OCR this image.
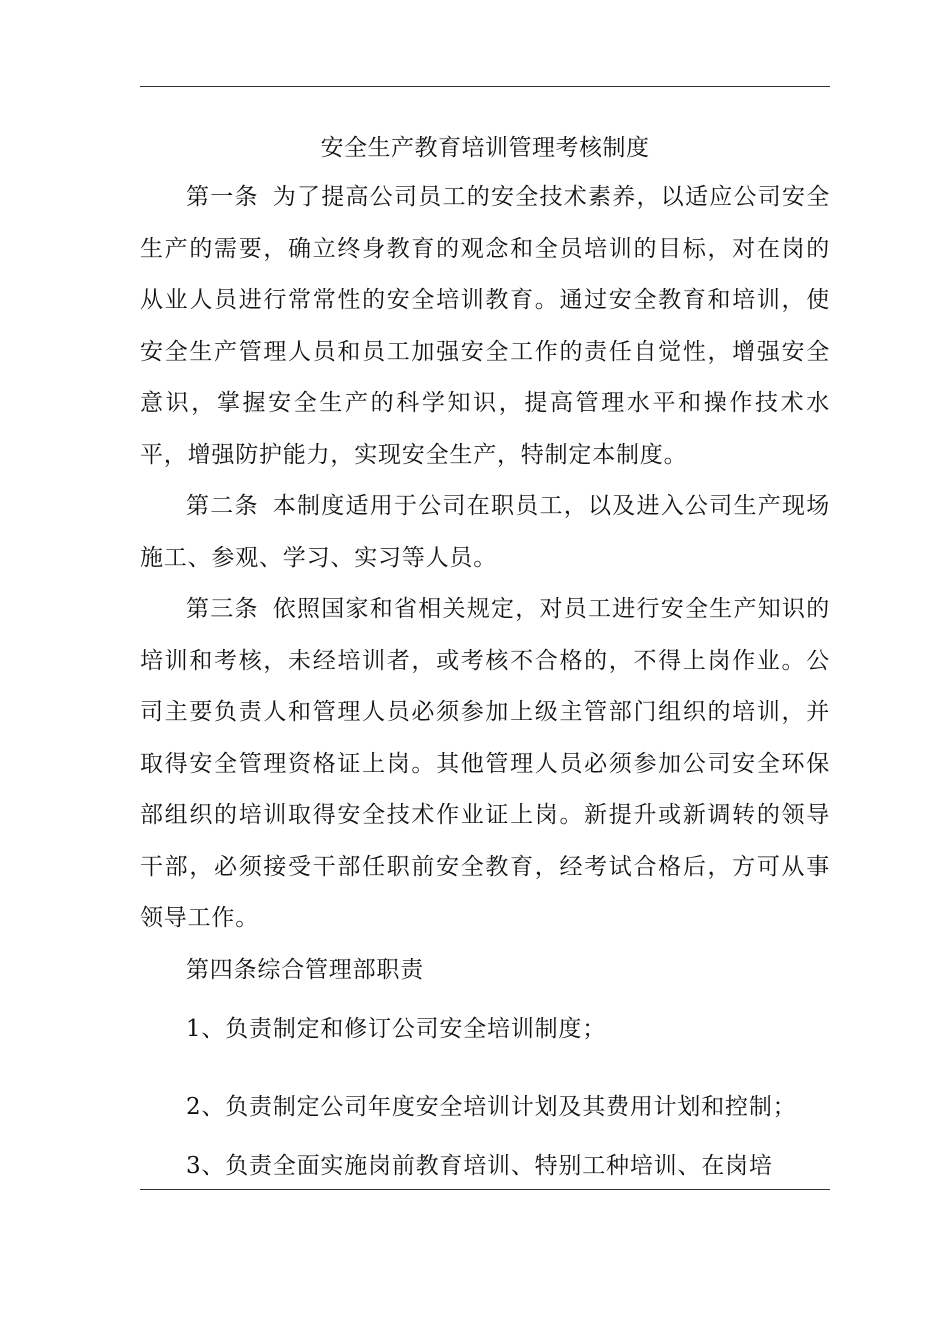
安全生产教育培训管理考核制度

第一条 为了提高公司员工的安全技术素养，以适应公司安全生产的需要，确立终身教育的观念和全员培训的目标，对在岗的从业人员进行常常性的安全培训教育。通过安全教育和培训，使安全生产管理人员和员工加强安全工作的责任自觉性，增强安全意识，掌握安全生产的科学知识，提高管理水平和操作技术水平，增强防护能力，实现安全生产，特制定本制度。

第二条 本制度适用于公司在职员工，以及进入公司生产现场施工、参观、学习、实习等人员。

第三条 依照国家和省相关规定，对员工进行安全生产知识的培训和考核，未经培训者，或考核不合格的，不得上岗作业。公司主要负责人和管理人员必须参加上级主管部门组织的培训，并取得安全管理资格证上岗。其他管理人员必须参加公司安全环保部组织的培训取得安全技术作业证上岗。新提升或新调转的领导干部，必须接受干部任职前安全教育，经考试合格后，方可从事领导工作。

第四条综合管理部职责

1、负责制定和修订公司安全培训制度；

2、负责制定公司年度安全培训计划及其费用计划和控制；

3、负责全面实施岗前教育培训、特别工种培训、在岗培
